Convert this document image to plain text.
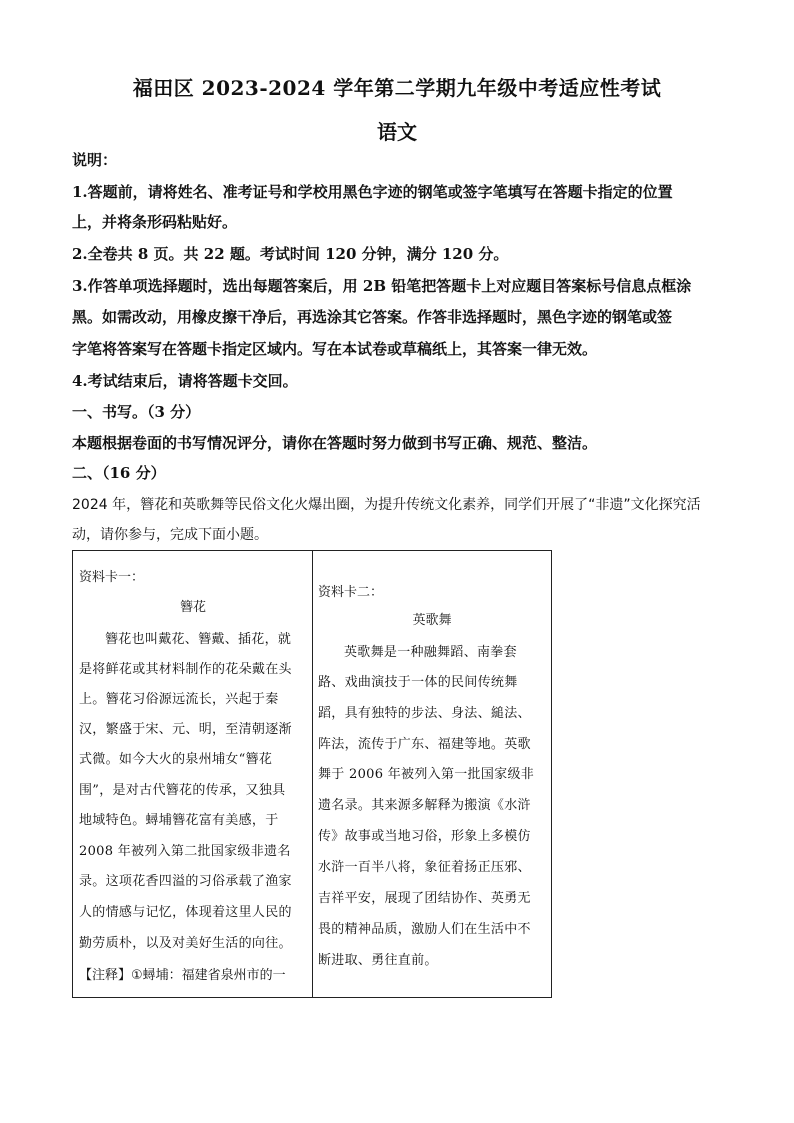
福田区 2023-2024 学年第二学期九年级中考适应性考试
语文
说明：
1.答题前，请将姓名、准考证号和学校用黑色字迹的钢笔或签字笔填写在答题卡指定的位置
上，并将条形码粘贴好。
2.全卷共 8 页。共 22 题。考试时间 120 分钟，满分 120 分。
3.作答单项选择题时，选出每题答案后，用 2B 铅笔把答题卡上对应题目答案标号信息点框涂
黑。如需改动，用橡皮擦干净后，再选涂其它答案。作答非选择题时，黑色字迹的钢笔或签
字笔将答案写在答题卡指定区域内。写在本试卷或草稿纸上，其答案一律无效。
4.考试结束后，请将答题卡交回。
一、书写。（3 分）
本题根据卷面的书写情况评分，请你在答题时努力做到书写正确、规范、整洁。
二、（16 分）
2024 年，簪花和英歌舞等民俗文化火爆出圈，为提升传统文化素养，同学们开展了“非遗”文化探究活
动，请你参与，完成下面小题。
资料卡一：
簪花
簪花也叫戴花、簪戴、插花，就
是将鲜花或其材料制作的花朵戴在头
上。簪花习俗源远流长，兴起于秦
汉，繁盛于宋、元、明，至清朝逐渐
式微。如今大火的泉州埔女“簪花
围”，是对古代簪花的传承，又独具
地域特色。蟳埔簪花富有美感，于
2008 年被列入第二批国家级非遗名
录。这项花香四溢的习俗承载了渔家
人的情感与记忆，体现着这里人民的
勤劳质朴，以及对美好生活的向往。
【注释】①蟳埔：福建省泉州市的一
资料卡二：
英歌舞
英歌舞是一种融舞蹈、南拳套
路、戏曲演技于一体的民间传统舞
蹈，具有独特的步法、身法、縋法、
阵法，流传于广东、福建等地。英歌
舞于 2006 年被列入第一批国家级非
遗名录。其来源多解释为搬演《水浒
传》故事或当地习俗，形象上多模仿
水浒一百半八将，象征着扬正压邪、
吉祥平安，展现了团结协作、英勇无
畏的精神品质，激励人们在生活中不
断进取、勇往直前。
